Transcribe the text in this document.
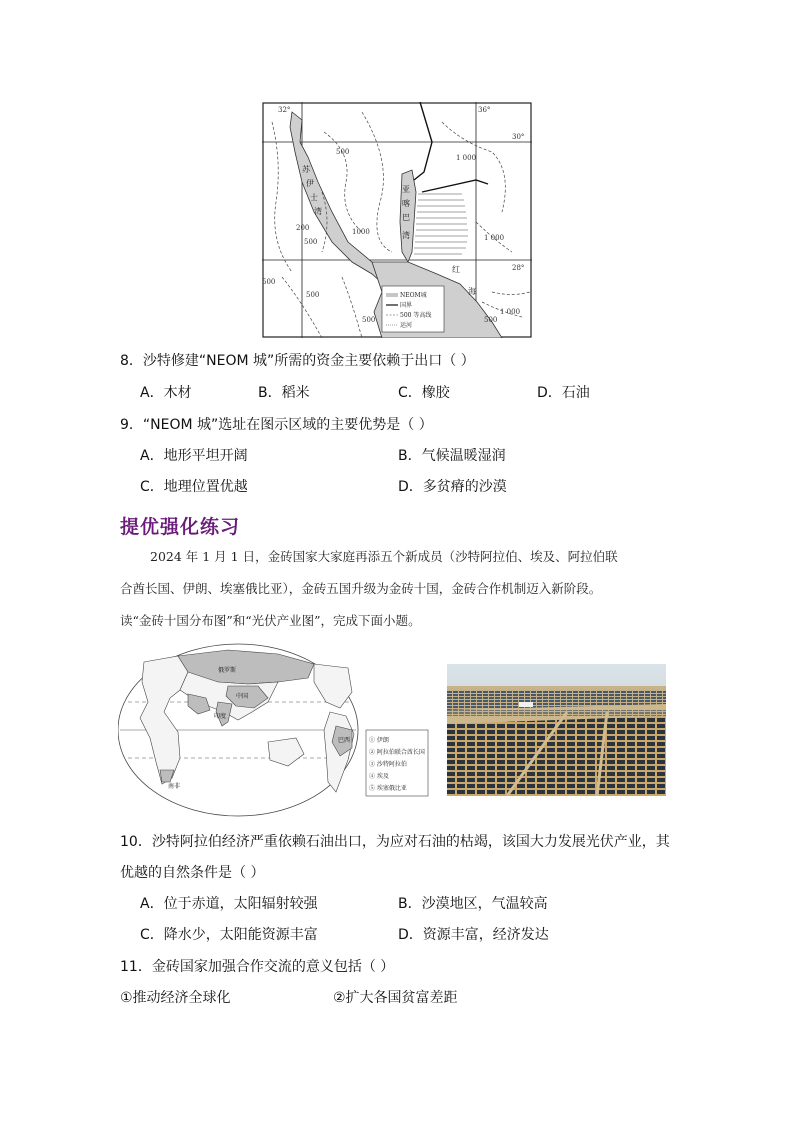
32°	36°
30°
28°
500
1 000
1000
200
500
500
1 000
1 000
500
500
500
苏
伊
士
湾
亚
喀
巴
湾
红
海
NEOM城
国界
500 等高线
运河
8．沙特修建“NEOM 城”所需的资金主要依赖于出口（ ）
A．木材	B．稻米	C．橡胶	D．石油
9．“NEOM 城”选址在图示区域的主要优势是（ ）
A．地形平坦开阔	B．气候温暖湿润
C．地理位置优越	D．多贫瘠的沙漠
提优强化练习
2024 年 1 月 1 日，金砖国家大家庭再添五个新成员（沙特阿拉伯、埃及、阿拉伯联
合酋长国、伊朗、埃塞俄比亚），金砖五国升级为金砖十国，金砖合作机制迈入新阶段。
读“金砖十国分布图”和“光伏产业图”，完成下面小题。
俄罗斯
中国
印度
南非
巴西	① 伊朗
② 阿拉伯联合酋长国
③ 沙特阿拉伯
④ 埃及
⑤ 埃塞俄比亚
10．沙特阿拉伯经济严重依赖石油出口，为应对石油的枯竭，该国大力发展光伏产业，其
优越的自然条件是（ ）
A．位于赤道，太阳辐射较强	B．沙漠地区，气温较高
C．降水少，太阳能资源丰富	D．资源丰富，经济发达
11．金砖国家加强合作交流的意义包括（ ）
①推动经济全球化	②扩大各国贫富差距
